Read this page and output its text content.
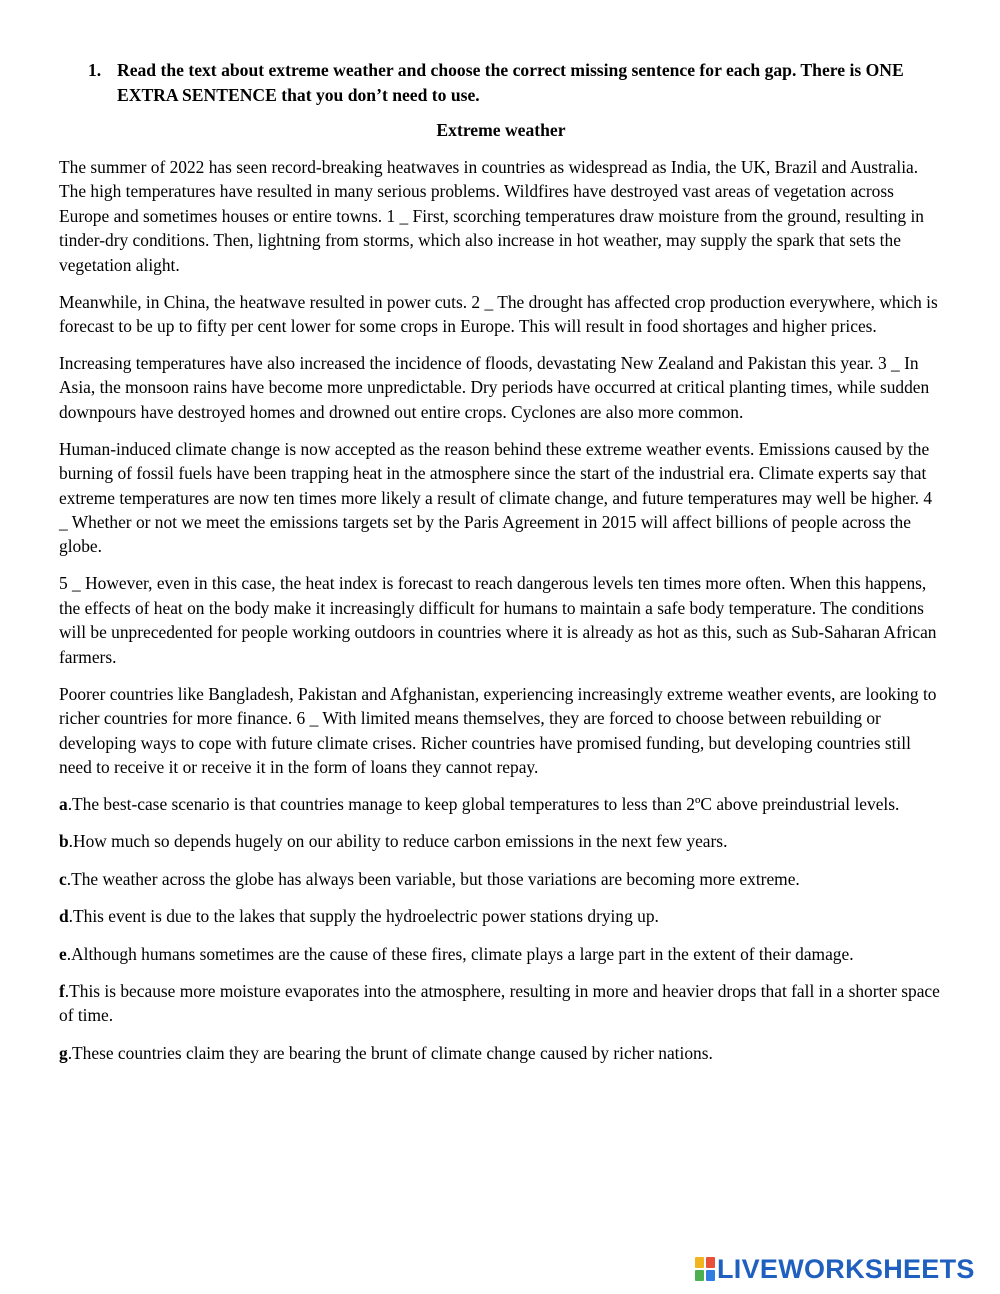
1. Read the text about extreme weather and choose the correct missing sentence for each gap. There is ONE EXTRA SENTENCE that you don’t need to use.
Extreme weather

The summer of 2022 has seen record-breaking heatwaves in countries as widespread as India, the UK, Brazil and Australia. The high temperatures have resulted in many serious problems. Wildfires have destroyed vast areas of vegetation across Europe and sometimes houses or entire towns. 1 _ First, scorching temperatures draw moisture from the ground, resulting in tinder-dry conditions. Then, lightning from storms, which also increase in hot weather, may supply the spark that sets the vegetation alight.

Meanwhile, in China, the heatwave resulted in power cuts. 2 _ The drought has affected crop production everywhere, which is forecast to be up to fifty per cent lower for some crops in Europe. This will result in food shortages and higher prices.

Increasing temperatures have also increased the incidence of floods, devastating New Zealand and Pakistan this year. 3 _ In Asia, the monsoon rains have become more unpredictable. Dry periods have occurred at critical planting times, while sudden downpours have destroyed homes and drowned out entire crops. Cyclones are also more common.

Human-induced climate change is now accepted as the reason behind these extreme weather events. Emissions caused by the burning of fossil fuels have been trapping heat in the atmosphere since the start of the industrial era. Climate experts say that extreme temperatures are now ten times more likely a result of climate change, and future temperatures may well be higher. 4 _ Whether or not we meet the emissions targets set by the Paris Agreement in 2015 will affect billions of people across the globe.

5 _ However, even in this case, the heat index is forecast to reach dangerous levels ten times more often. When this happens, the effects of heat on the body make it increasingly difficult for humans to maintain a safe body temperature. The conditions will be unprecedented for people working outdoors in countries where it is already as hot as this, such as Sub-Saharan African farmers.

Poorer countries like Bangladesh, Pakistan and Afghanistan, experiencing increasingly extreme weather events, are looking to richer countries for more finance. 6 _ With limited means themselves, they are forced to choose between rebuilding or developing ways to cope with future climate crises. Richer countries have promised funding, but developing countries still need to receive it or receive it in the form of loans they cannot repay.

a.The best-case scenario is that countries manage to keep global temperatures to less than 2ºC above preindustrial levels.

b.How much so depends hugely on our ability to reduce carbon emissions in the next few years.

c.The weather across the globe has always been variable, but those variations are becoming more extreme.

d.This event is due to the lakes that supply the hydroelectric power stations drying up.

e.Although humans sometimes are the cause of these fires, climate plays a large part in the extent of their damage.

f.This is because more moisture evaporates into the atmosphere, resulting in more and heavier drops that fall in a shorter space of time.

g.These countries claim they are bearing the brunt of climate change caused by richer nations.

LIVEWORKSHEETS
